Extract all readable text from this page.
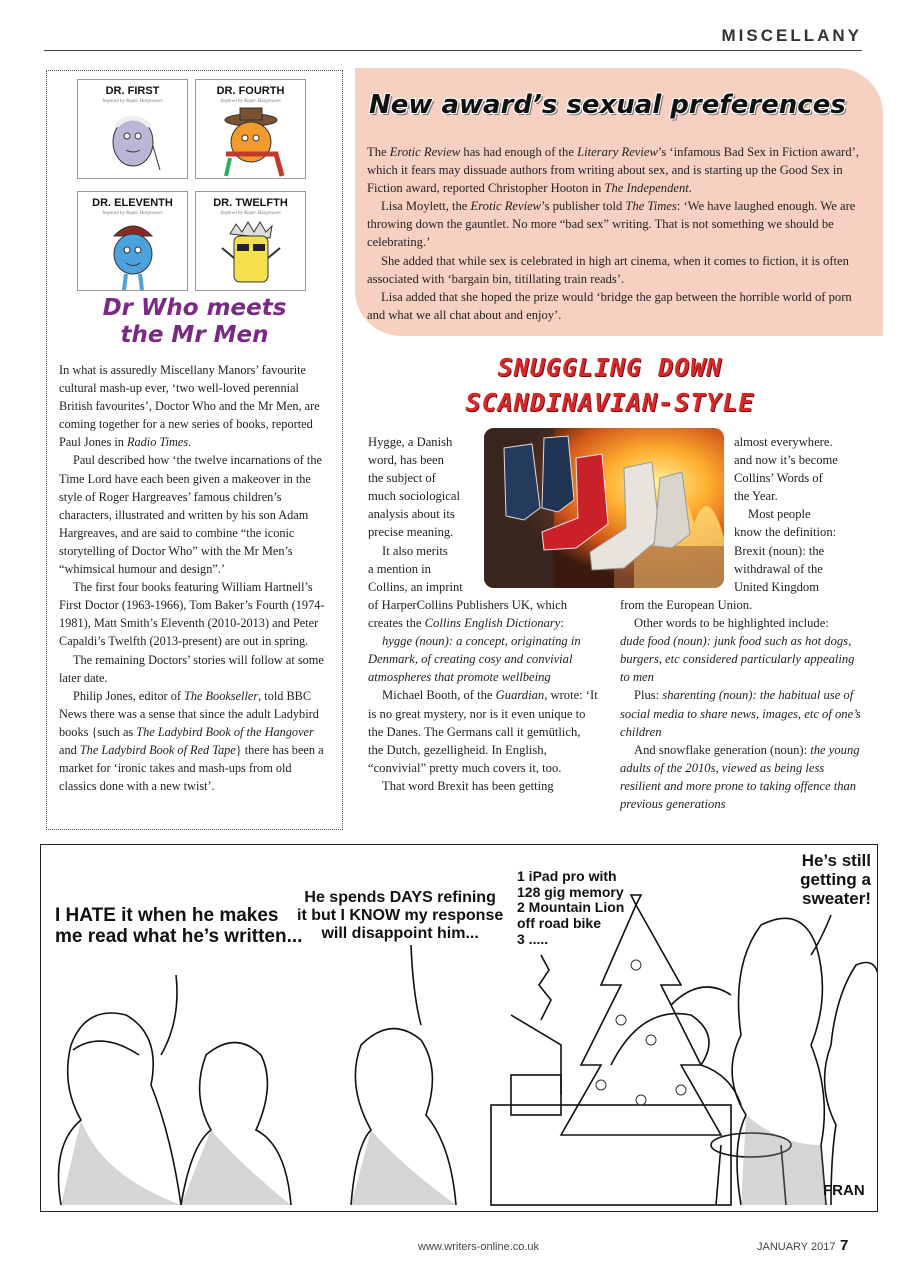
MISCELLANY
DR. FIRST
Inspired by Roger Hargreaves
DR. FOURTH
Inspired by Roger Hargreaves
DR. ELEVENTH
Inspired by Roger Hargreaves
DR. TWELFTH
Inspired by Roger Hargreaves
Dr Who meets
the Mr Men

In what is assuredly Miscellany Manors’ favourite cultural mash-up ever, ‘two well-loved perennial British favourites’, Doctor Who and the Mr Men, are coming together for a new series of books, reported Paul Jones in Radio Times.

Paul described how ‘the twelve incarnations of the Time Lord have each been given a makeover in the style of Roger Hargreaves’ famous children’s characters, illustrated and written by his son Adam Hargreaves, and are said to combine “the iconic storytelling of Doctor Who” with the Mr Men’s “whimsical humour and design”.’

The first four books featuring William Hartnell’s First Doctor (1963-1966), Tom Baker’s Fourth (1974-1981), Matt Smith’s Eleventh (2010-2013) and Peter Capaldi’s Twelfth (2013-present) are out in spring.

The remaining Doctors’ stories will follow at some later date.

Philip Jones, editor of The Bookseller, told BBC News there was a sense that since the adult Ladybird books {such as The Ladybird Book of the Hangover and The Ladybird Book of Red Tape} there has been a market for ‘ironic takes and mash-ups from old classics done with a new twist’.

New award’s sexual preferences

The Erotic Review has had enough of the Literary Review’s ‘infamous Bad Sex in Fiction award’, which it fears may dissuade authors from writing about sex, and is starting up the Good Sex in Fiction award, reported Christopher Hooton in The Independent.

Lisa Moylett, the Erotic Review’s publisher told The Times: ‘We have laughed enough. We are throwing down the gauntlet. No more “bad sex” writing. That is not something we should be celebrating.’

She added that while sex is celebrated in high art cinema, when it comes to fiction, it is often associated with ‘bargain bin, titillating train reads’.

Lisa added that she hoped the prize would ‘bridge the gap between the horrible world of porn and what we all chat about and enjoy’.

SNUGGLING DOWN
SCANDINAVIAN-STYLE
Hygge, a Danish
word, has been
the subject of
much sociological
analysis about its
precise meaning.
It also merits
a mention in
Collins, an imprint
of HarperCollins Publishers UK, which
creates the Collins English Dictionary:

hygge (noun): a concept, originating in Denmark, of creating cosy and convivial atmospheres that promote wellbeing

Michael Booth, of the Guardian, wrote: ‘It is no great mystery, nor is it even unique to the Danes. The Germans call it gemütlich, the Dutch, gezelligheid. In English, “convivial” pretty much covers it, too.

That word Brexit has been getting

almost everywhere.
and now it’s become
Collins’ Words of
the Year.
Most people
know the definition:
Brexit (noun): the
withdrawal of the
United Kingdom
from the European Union.

Other words to be highlighted include:

dude food (noun): junk food such as hot dogs, burgers, etc considered particularly appealing to men

Plus: sharenting (noun): the habitual use of social media to share news, images, etc of one’s children

And snowflake generation (noun): the young adults of the 2010s, viewed as being less resilient and more prone to taking offence than previous generations

I HATE it when he makes
me read what he’s written...
He spends DAYS refining
it but I KNOW my response
will disappoint him...
1 iPad pro with
128 gig memory
2 Mountain Lion
off road bike
3 .....
He’s still
getting a
sweater!
FRAN
www.writers-online.co.uk	JANUARY 2017 7
